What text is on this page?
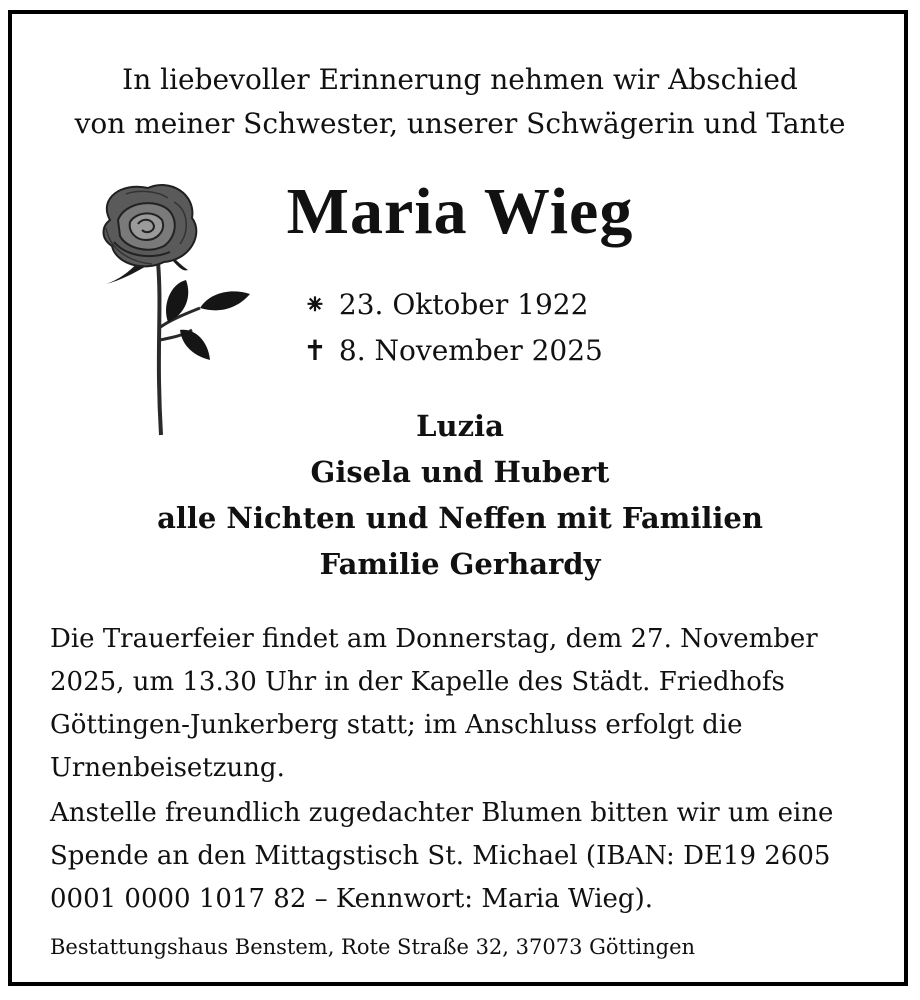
In liebevoller Erinnerung nehmen wir Abschied
von meiner Schwester, unserer Schwägerin und Tante
Maria Wieg
⁕ 23. Oktober 1922
✝ 8. November 2025
Luzia
Gisela und Hubert
alle Nichten und Neffen mit Familien
Familie Gerhardy
Die Trauerfeier findet am Donnerstag, dem 27. November 2025, um 13.30 Uhr in der Kapelle des Städt. Friedhofs Göttingen-Junkerberg statt; im Anschluss erfolgt die Urnenbeisetzung.
Anstelle freundlich zugedachter Blumen bitten wir um eine Spende an den Mittagstisch St. Michael (IBAN: DE19 2605 0001 0000 1017 82 – Kennwort: Maria Wieg).
Bestattungshaus Benstem, Rote Straße 32, 37073 Göttingen
